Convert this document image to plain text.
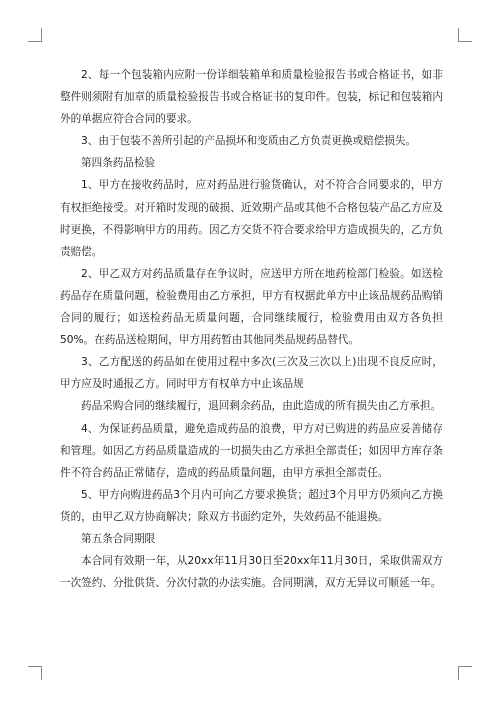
2、每一个包装箱内应附一份详细装箱单和质量检验报告书或合格证书，如非整件则须附有加章的质量检验报告书或合格证书的复印件。包装，标记和包装箱内外的单据应符合合同的要求。

3、由于包装不善所引起的产品损坏和变质由乙方负责更换或赔偿损失。

第四条药品检验

1、甲方在接收药品时，应对药品进行验货确认，对不符合合同要求的，甲方有权拒绝接受。对开箱时发现的破损、近效期产品或其他不合格包装产品乙方应及时更换，不得影响甲方的用药。因乙方交货不符合要求给甲方造成损失的，乙方负责赔偿。

2、甲乙双方对药品质量存在争议时，应送甲方所在地药检部门检验。如送检药品存在质量问题，检验费用由乙方承担，甲方有权据此单方中止该品规药品购销合同的履行；如送检药品无质量问题，合同继续履行，检验费用由双方各负担50%。在药品送检期间，甲方用药暂由其他同类品规药品替代。

3、乙方配送的药品如在使用过程中多次(三次及三次以上)出现不良反应时，甲方应及时通报乙方。同时甲方有权单方中止该品规

药品采购合同的继续履行，退回剩余药品，由此造成的所有损失由乙方承担。

4、为保证药品质量，避免造成药品的浪费，甲方对已购进的药品应妥善储存和管理。如因乙方药品质量造成的一切损失由乙方承担全部责任；如因甲方库存条件不符合药品正常储存，造成的药品质量问题，由甲方承担全部责任。

5、甲方向购进药品3个月内可向乙方要求换货；超过3个月甲方仍须向乙方换货的，由甲乙双方协商解决；除双方书面约定外，失效药品不能退换。

第五条合同期限

本合同有效期一年，从20xx年11月30日至20xx年11月30日，采取供需双方一次签约、分批供货、分次付款的办法实施。合同期满，双方无异议可顺延一年。
